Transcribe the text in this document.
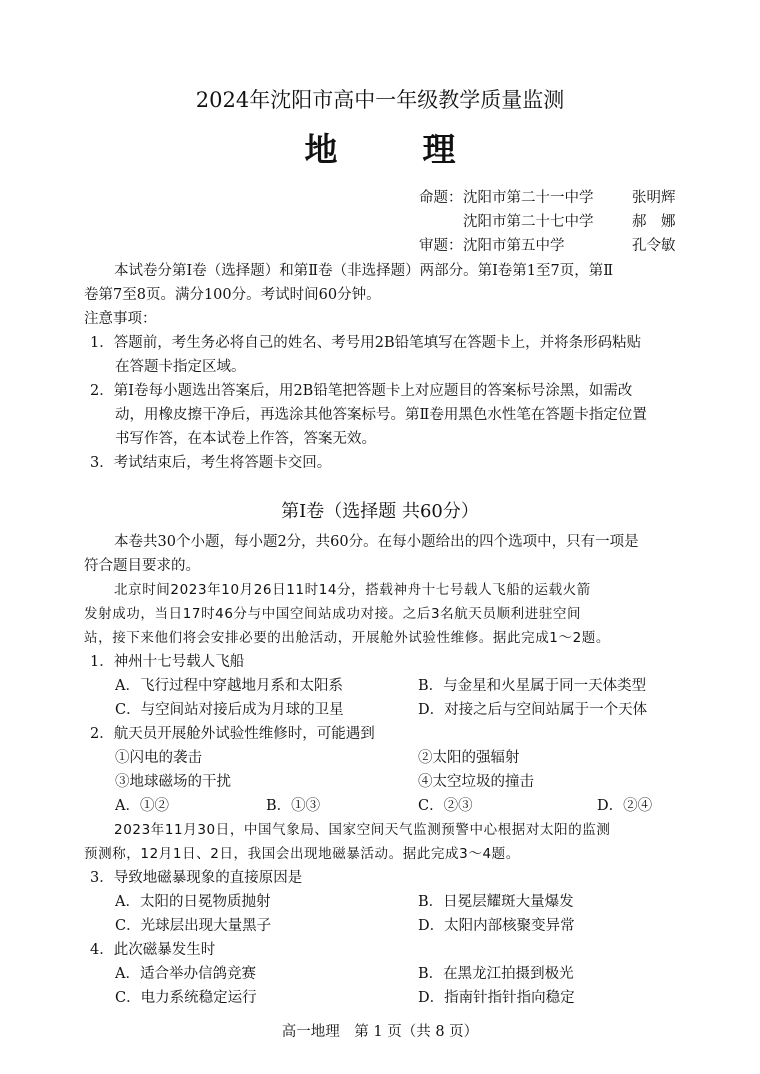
2024年沈阳市高中一年级教学质量监测
地　理
命题： 沈阳市第二十一中学	张明辉
沈阳市第二十七中学	郝　娜
审题： 沈阳市第五中学	孔令敏
本试卷分第Ⅰ卷（选择题）和第Ⅱ卷（非选择题）两部分。第Ⅰ卷第1至7页，第Ⅱ
卷第7至8页。满分100分。考试时间60分钟。
注意事项：
1．答题前，考生务必将自己的姓名、考号用2B铅笔填写在答题卡上，并将条形码粘贴
在答题卡指定区域。
2．第Ⅰ卷每小题选出答案后，用2B铅笔把答题卡上对应题目的答案标号涂黑，如需改
动，用橡皮擦干净后，再选涂其他答案标号。第Ⅱ卷用黑色水性笔在答题卡指定位置
书写作答，在本试卷上作答，答案无效。
3．考试结束后，考生将答题卡交回。
第Ⅰ卷（选择题 共60分）
本卷共30个小题，每小题2分，共60分。在每小题给出的四个选项中，只有一项是
符合题目要求的。
北京时间2023年10月26日11时14分，搭载神舟十七号载人飞船的运载火箭
发射成功，当日17时46分与中国空间站成功对接。之后3名航天员顺利进驻空间
站，接下来他们将会安排必要的出舱活动，开展舱外试验性维修。据此完成1～2题。
1．神州十七号载人飞船
A．飞行过程中穿越地月系和太阳系	B．与金星和火星属于同一天体类型
C．与空间站对接后成为月球的卫星	D．对接之后与空间站属于一个天体
2．航天员开展舱外试验性维修时，可能遇到
①闪电的袭击	②太阳的强辐射
③地球磁场的干扰	④太空垃圾的撞击
A．①②	B．①③	C．②③	D．②④
2023年11月30日，中国气象局、国家空间天气监测预警中心根据对太阳的监测
预测称，12月1日、2日，我国会出现地磁暴活动。据此完成3～4题。
3．导致地磁暴现象的直接原因是
A．太阳的日冕物质抛射	B．日冕层耀斑大量爆发
C．光球层出现大量黑子	D．太阳内部核聚变异常
4．此次磁暴发生时
A．适合举办信鸽竞赛	B．在黑龙江拍摄到极光
C．电力系统稳定运行	D．指南针指针指向稳定
高一地理　第 1 页（共 8 页）
